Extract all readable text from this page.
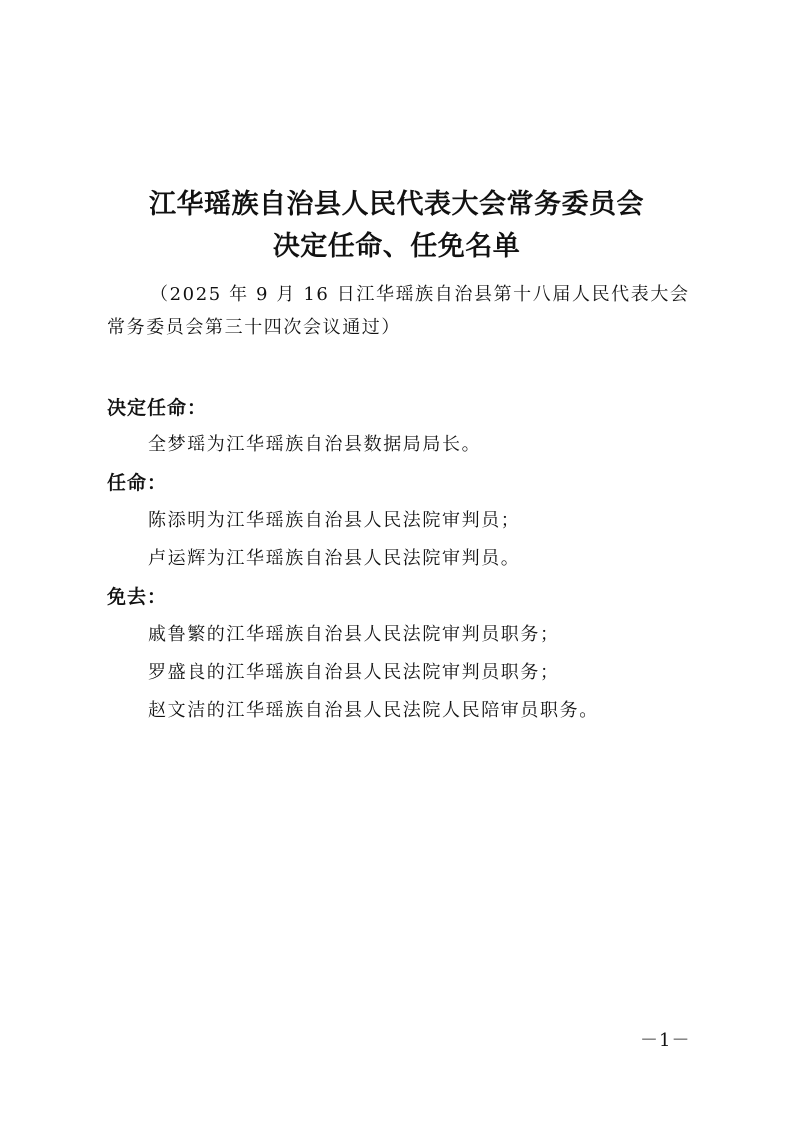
江华瑶族自治县人民代表大会常务委员会
决定任命、任免名单
（2025 年 9 月 16 日江华瑶族自治县第十八届人民代表大会
常务委员会第三十四次会议通过）
决定任命：
全梦瑶为江华瑶族自治县数据局局长。
任命：
陈添明为江华瑶族自治县人民法院审判员；
卢运辉为江华瑶族自治县人民法院审判员。
免去：
戚鲁繁的江华瑶族自治县人民法院审判员职务；
罗盛良的江华瑶族自治县人民法院审判员职务；
赵文洁的江华瑶族自治县人民法院人民陪审员职务。
－1－
